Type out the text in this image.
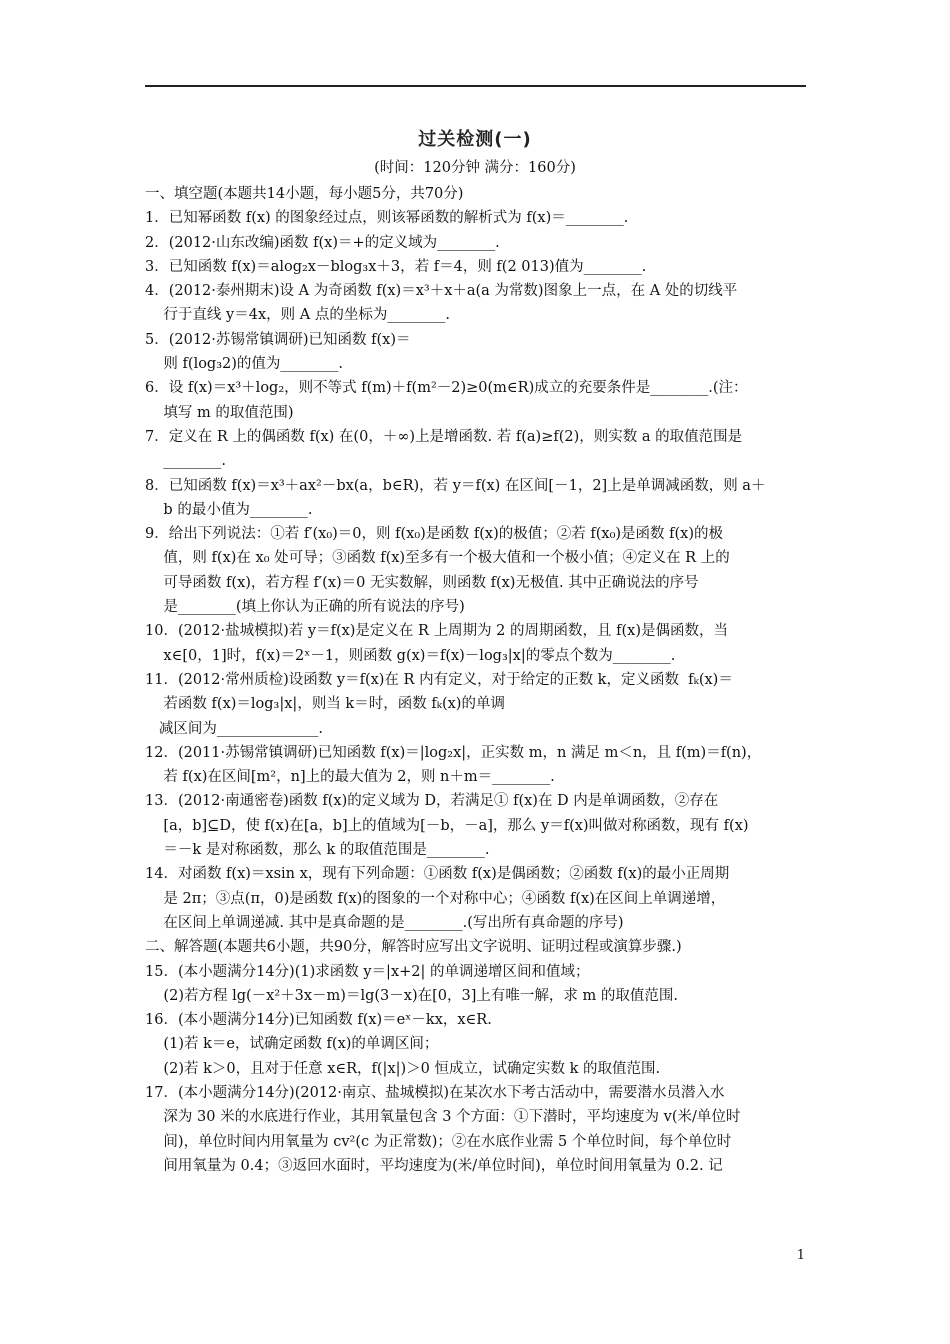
过关检测(一)
(时间：120分钟 满分：160分)
一、填空题(本题共14小题，每小题5分，共70分)
1．已知幂函数 f(x) 的图象经过点，则该幂函数的解析式为 f(x)＝________.
2．(2012·山东改编)函数 f(x)＝+的定义域为________.
3．已知函数 f(x)＝alog₂x－blog₃x＋3，若 f＝4，则 f(2 013)值为________.
4．(2012·泰州期末)设 A 为奇函数 f(x)＝x³＋x＋a(a 为常数)图象上一点，在 A 处的切线平
行于直线 y＝4x，则 A 点的坐标为________.
5．(2012·苏锡常镇调研)已知函数 f(x)＝
则 f(log₃2)的值为________.
6．设 f(x)＝x³＋log₂，则不等式 f(m)＋f(m²－2)≥0(m∈R)成立的充要条件是________.(注：
填写 m 的取值范围)
7．定义在 R 上的偶函数 f(x) 在(0，＋∞)上是增函数. 若 f(a)≥f(2)，则实数 a 的取值范围是
________.
8．已知函数 f(x)＝x³＋ax²－bx(a，b∈R)，若 y＝f(x) 在区间[－1，2]上是单调减函数，则 a＋
b 的最小值为________.
9．给出下列说法：①若 f′(x₀)＝0，则 f(x₀)是函数 f(x)的极值；②若 f(x₀)是函数 f(x)的极
值，则 f(x)在 x₀ 处可导；③函数 f(x)至多有一个极大值和一个极小值；④定义在 R 上的
可导函数 f(x)，若方程 f′(x)＝0 无实数解，则函数 f(x)无极值. 其中正确说法的序号
是________(填上你认为正确的所有说法的序号)
10．(2012·盐城模拟)若 y＝f(x)是定义在 R 上周期为 2 的周期函数，且 f(x)是偶函数，当
x∈[0，1]时，f(x)＝2ˣ－1，则函数 g(x)＝f(x)－log₃|x|的零点个数为________.
11．(2012·常州质检)设函数 y＝f(x)在 R 内有定义，对于给定的正数 k，定义函数  fₖ(x)＝
若函数 f(x)＝log₃|x|，则当 k＝时，函数 fₖ(x)的单调
减区间为______________.
12．(2011·苏锡常镇调研)已知函数 f(x)＝|log₂x|，正实数 m，n 满足 m＜n，且 f(m)＝f(n)，
若 f(x)在区间[m²，n]上的最大值为 2，则 n＋m＝________.
13．(2012·南通密卷)函数 f(x)的定义域为 D，若满足① f(x)在 D 内是单调函数，②存在
[a，b]⊆D，使 f(x)在[a，b]上的值域为[－b，－a]，那么 y＝f(x)叫做对称函数，现有 f(x)
＝－k 是对称函数，那么 k 的取值范围是________.
14．对函数 f(x)＝xsin x，现有下列命题：①函数 f(x)是偶函数；②函数 f(x)的最小正周期
是 2π；③点(π，0)是函数 f(x)的图象的一个对称中心；④函数 f(x)在区间上单调递增，
在区间上单调递减. 其中是真命题的是________.(写出所有真命题的序号)
二、解答题(本题共6小题，共90分，解答时应写出文字说明、证明过程或演算步骤.)
15．(本小题满分14分)(1)求函数 y＝|x+2| 的单调递增区间和值域；
(2)若方程 lg(－x²＋3x－m)＝lg(3－x)在[0，3]上有唯一解，求 m 的取值范围.
16．(本小题满分14分)已知函数 f(x)＝eˣ－kx，x∈R.
(1)若 k＝e，试确定函数 f(x)的单调区间；
(2)若 k＞0，且对于任意 x∈R，f(|x|)＞0 恒成立，试确定实数 k 的取值范围.
17．(本小题满分14分)(2012·南京、盐城模拟)在某次水下考古活动中，需要潜水员潜入水
深为 30 米的水底进行作业，其用氧量包含 3 个方面：①下潜时，平均速度为 v(米/单位时
间)，单位时间内用氧量为 cv²(c 为正常数)；②在水底作业需 5 个单位时间，每个单位时
间用氧量为 0.4；③返回水面时，平均速度为(米/单位时间)，单位时间用氧量为 0.2. 记
1
